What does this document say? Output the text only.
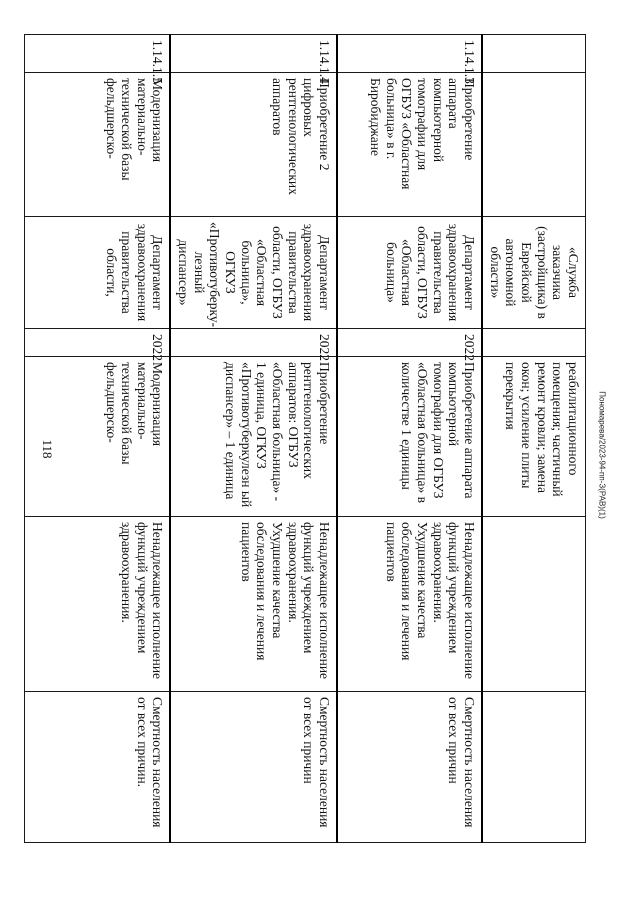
118	Пономарева/2023-94-пп-З(РАВ)(1)
		«Служба заказчика (застройщика) в Еврейской автономной области»		реабилитационного помещения; частичный ремонт кровли; замена окон; усиление плиты перекрытия		
1.14.1.3	Приобретение аппарата компьютерной томографии для ОГБУЗ «Областная больница» в г. Биробиджане	Департамент здравоохранения правительства области, ОГБУЗ «Областная больница»	2022	Приобретение аппарата компьютерной томографии для ОГБУЗ «Областная больница» в количестве 1 единицы	Ненадлежащее исполнение функций учреждением здравоохранения. Ухудшение качества обследования и лечения пациентов	Смертность населения от всех причин
1.14.1.4	Приобретение 2 цифровых рентгенологических аппаратов	Департамент здравоохранения правительства области, ОГБУЗ «Областная больница», ОГКУЗ «Противотуберку-лезный диспансер»	2022	Приобретение рентгенологических аппаратов: ОГБУЗ «Областная больница» - 1 единица, ОГКУЗ «Противотуберкулезн ый диспансер» – 1 единица	Ненадлежащее исполнение функций учреждением здравоохранения. Ухудшение качества обследования и лечения пациентов	Смертность населения от всех причин
1.14.1.5	Модернизация материально-технической базы фельдшерско-	Департамент здравоохранения правительства области,	2022	Модернизация материально-технической базы фельдшерско-	Ненадлежащее исполнение функций учреждением здравоохранения.	Смертность населения от всех причин.
